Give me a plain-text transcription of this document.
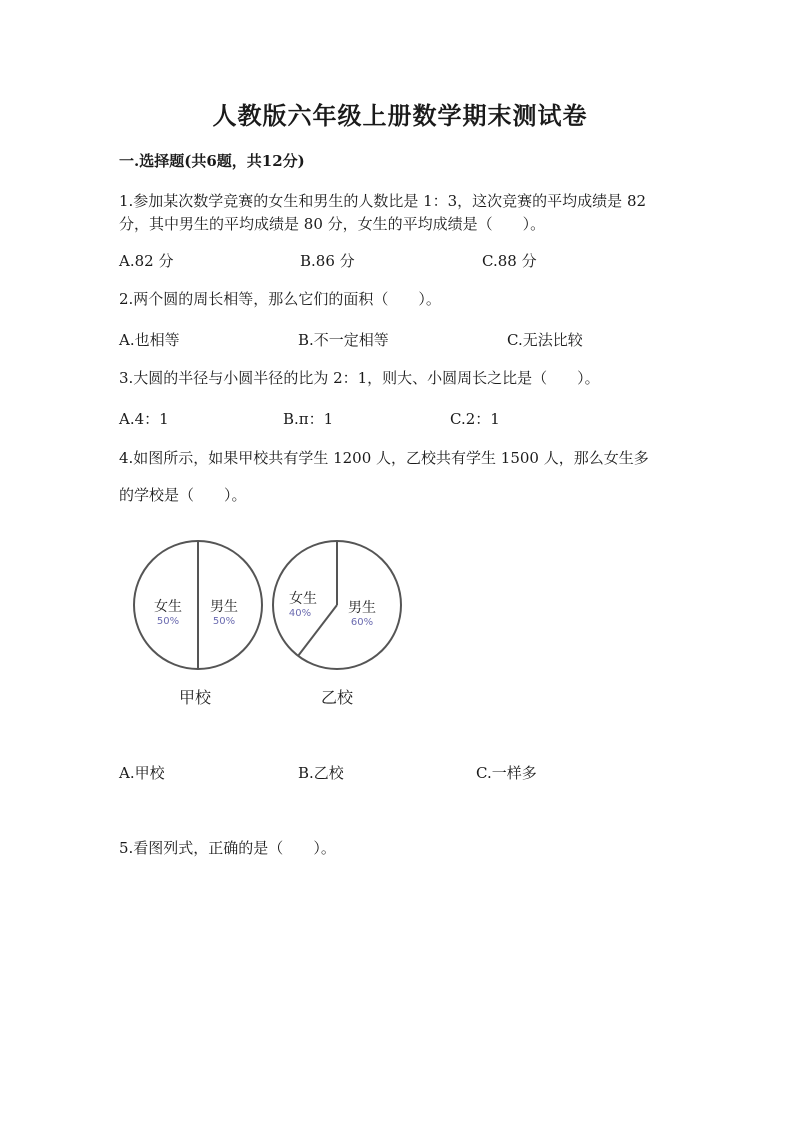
人教版六年级上册数学期末测试卷
一.选择题(共6题，共12分)
1.参加某次数学竞赛的女生和男生的人数比是 1：3，这次竞赛的平均成绩是 82
分，其中男生的平均成绩是 80 分，女生的平均成绩是（　　）。
A.82 分	B.86 分	C.88 分
2.两个圆的周长相等，那么它们的面积（　　）。
A.也相等	B.不一定相等	C.无法比较
3.大圆的半径与小圆半径的比为 2：1，则大、小圆周长之比是（　　）。
A.4：1	B.π：1	C.2：1
4.如图所示，如果甲校共有学生 1200 人，乙校共有学生 1500 人，那么女生多
的学校是（　　）。
女生
50%
男生
50%
甲校
女生
40%	男生
60%
乙校
A.甲校	B.乙校	C.一样多
5.看图列式，正确的是（　　）。
